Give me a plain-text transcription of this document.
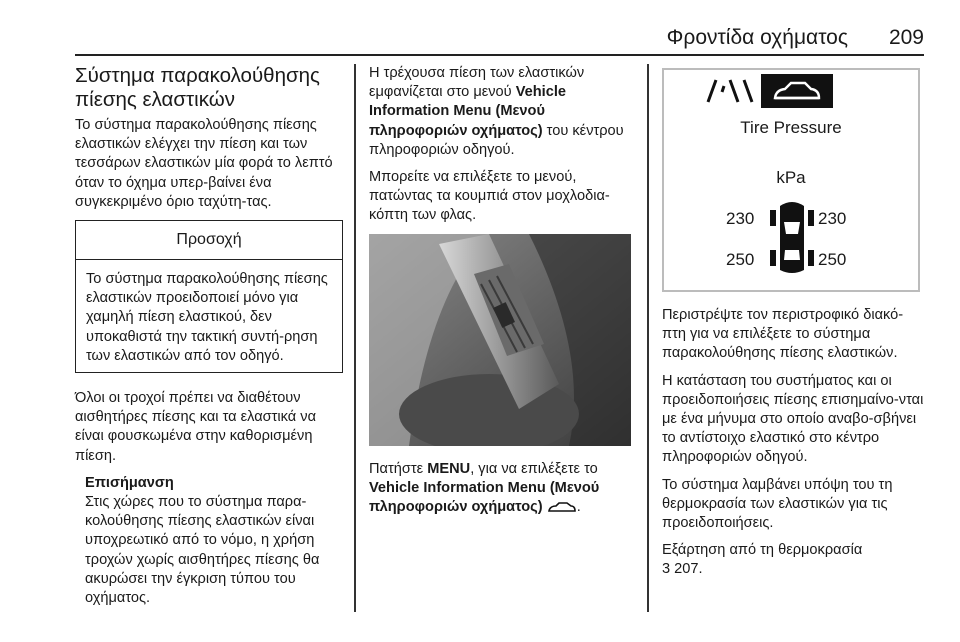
Φροντίδα οχήματος 209
Σύστημα παρακολούθησης πίεσης ελαστικών

Το σύστημα παρακολούθησης πίεσης ελαστικών ελέγχει την πίεση και των τεσσάρων ελαστικών μία φορά το λεπτό όταν το όχημα υπερ-βαίνει ένα συγκεκριμένο όριο ταχύτη-τας.

Προσοχή
Το σύστημα παρακολούθησης πίεσης ελαστικών προειδοποιεί μόνο για χαμηλή πίεση ελαστικού, δεν υποκαθιστά την τακτική συντή-ρηση των ελαστικών από τον οδηγό.

Όλοι οι τροχοί πρέπει να διαθέτουν αισθητήρες πίεσης και τα ελαστικά να είναι φουσκωμένα στην καθορισμένη πίεση.

Επισήμανση
Στις χώρες που το σύστημα παρα-κολούθησης πίεσης ελαστικών είναι υποχρεωτικό από το νόμο, η χρήση τροχών χωρίς αισθητήρες πίεσης θα ακυρώσει την έγκριση τύπου του οχήματος.

Η τρέχουσα πίεση των ελαστικών εμφανίζεται στο μενού Vehicle Information Menu (Μενού πληροφοριών οχήματος) του κέντρου πληροφοριών οδηγού.

Μπορείτε να επιλέξετε το μενού, πατώντας τα κουμπιά στον μοχλοδια-κόπτη των φλας.

Πατήστε MENU, για να επιλέξετε το Vehicle Information Menu (Μενού πληροφοριών οχήματος) .

Tire Pressure
kPa
230	230
250	250

Περιστρέψτε τον περιστροφικό διακό-πτη για να επιλέξετε το σύστημα παρακολούθησης πίεσης ελαστικών.

Η κατάσταση του συστήματος και οι προειδοποιήσεις πίεσης επισημαίνο-νται με ένα μήνυμα στο οποίο αναβο-σβήνει το αντίστοιχο ελαστικό στο κέντρο πληροφοριών οδηγού.

Το σύστημα λαμβάνει υπόψη του τη θερμοκρασία των ελαστικών για τις προειδοποιήσεις.

Εξάρτηση από τη θερμοκρασία

3 207.
